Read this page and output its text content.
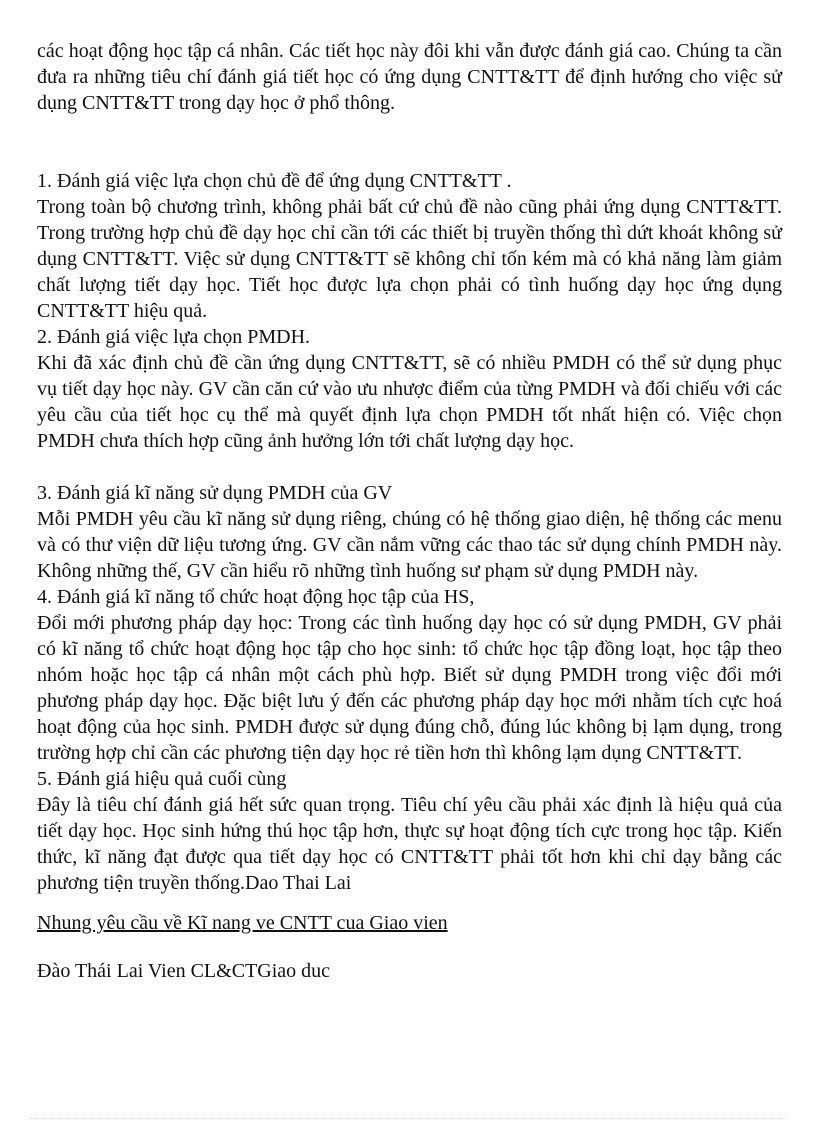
các hoạt động học tập cá nhân. Các tiết học này đôi khi vẫn được đánh giá cao. Chúng ta cần đưa ra những tiêu chí đánh giá tiết học có ứng dụng CNTT&TT để định hướng cho việc sử dụng CNTT&TT trong dạy học ở phổ thông.

1. Đánh giá việc lựa chọn chủ đề để ứng dụng CNTT&TT .

Trong toàn bộ chương trình, không phải bất cứ chủ đề nào cũng phải ứng dụng CNTT&TT. Trong trường hợp chủ đề dạy học chỉ cần tới các thiết bị truyền thống thì dứt khoát không sử dụng CNTT&TT. Việc sử dụng CNTT&TT sẽ không chỉ tốn kém mà có khả năng làm giảm chất lượng tiết dạy học. Tiết học được lựa chọn phải có tình huống dạy học ứng dụng CNTT&TT hiệu quả.

2. Đánh giá việc lựa chọn PMDH.

Khi đã xác định chủ đề cần ứng dụng CNTT&TT, sẽ có nhiều PMDH có thể sử dụng phục vụ tiết dạy học này. GV cần căn cứ vào ưu nhược điểm của từng PMDH và đối chiếu với các yêu cầu của tiết học cụ thể mà quyết định lựa chọn PMDH tốt nhất hiện có. Việc chọn PMDH chưa thích hợp cũng ảnh hưởng lớn tới chất lượng dạy học.

3. Đánh giá kĩ năng sử dụng PMDH của GV

Mỗi PMDH yêu cầu kĩ năng sử dụng riêng, chúng có hệ thống giao diện, hệ thống các menu và có thư viện dữ liệu tương ứng. GV cần nắm vững các thao tác sử dụng chính PMDH này. Không những thế, GV cần hiểu rõ những tình huống sư phạm sử dụng PMDH này.

4. Đánh giá kĩ năng tổ chức hoạt động học tập của HS,

Đổi mới phương pháp dạy học: Trong các tình huống dạy học có sử dụng PMDH, GV phải có kĩ năng tổ chức hoạt động học tập cho học sinh: tổ chức học tập đồng loạt, học tập theo nhóm hoặc học tập cá nhân một cách phù hợp. Biết sử dụng PMDH trong việc đổi mới phương pháp dạy học. Đặc biệt lưu ý đến các phương pháp dạy học mới nhằm tích cực hoá hoạt động của học sinh. PMDH được sử dụng đúng chỗ, đúng lúc không bị lạm dụng, trong trường hợp chỉ cần các phương tiện dạy học rẻ tiền hơn thì không lạm dụng CNTT&TT.

5. Đánh giá hiệu quả cuối cùng

Đây là tiêu chí đánh giá hết sức quan trọng. Tiêu chí yêu cầu phải xác định là hiệu quả của tiết dạy học. Học sinh hứng thú học tập hơn, thực sự hoạt động tích cực trong học tập. Kiến thức, kĩ năng đạt được qua tiết dạy học có CNTT&TT phải tốt hơn khi chỉ dạy bằng các phương tiện truyền thống.Dao Thai Lai

Nhung yêu cầu về Kĩ nang ve CNTT cua Giao vien

Đào Thái Lai Vien CL&CTGiao duc
